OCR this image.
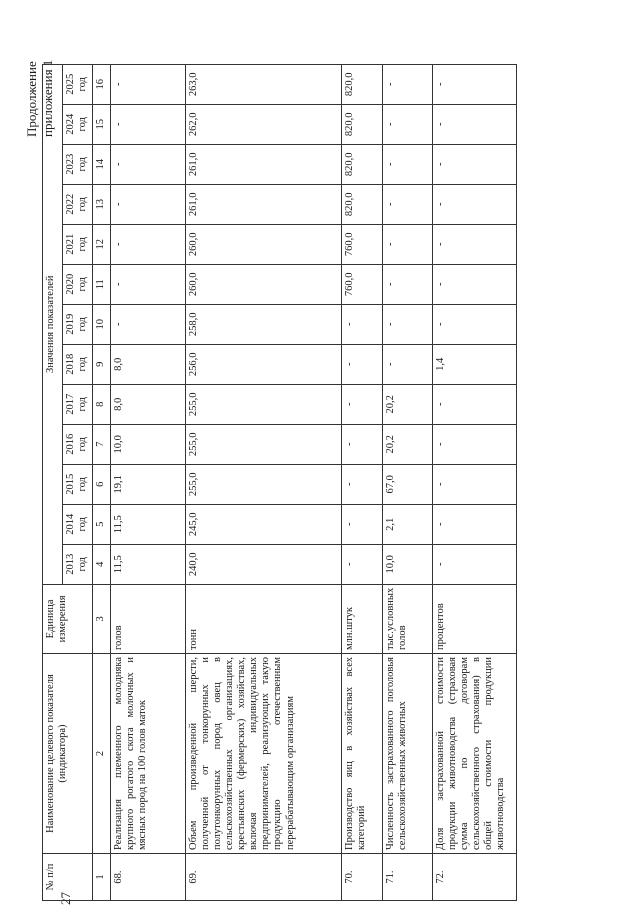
27
Продолжение приложения 1
№ п/п	Наименование целевого показателя (индикатора)	Единица измерения	Значения показателей												
			2013 год	2014 год	2015 год	2016 год	2017 год	2018 год	2019 год	2020 год	2021 год	2022 год	2023 год	2024 год	2025 год
1	2	3	4	5	6	7	8	9	10	11	12	13	14	15	16
68.	Реализация племенного молодняка крупного рогатого скота молочных и мясных пород на 100 голов маток	голов	11,5	11,5	19,1	10,0	8,0	8,0	-	-	-	-	-	-	-
69.	Объем произведенной шерсти, полученной от тонкорунных и полутонкорунных пород овец в сельскохозяйственных организациях, крестьянских (фермерских) хозяйствах, включая индивидуальных предпринимателей, реализующих такую продукцию отечественным перерабатывающим организациям	тонн	240,0	245,0	255,0	255,0	255,0	256,0	258,0	260,0	260,0	261,0	261,0	262,0	263,0
70.	Производство яиц в хозяйствах всех категорий	млн.штук	-	-	-	-	-	-	-	760,0	760,0	820,0	820,0	820,0	820,0
71.	Численность застрахованного поголовья сельскохозяйственных животных	тыс.условных голов	10,0	2,1	67,0	20,2	20,2	-	-	-	-	-	-	-	-
72.	Доля застрахованной стоимости продукции животноводства (страховая сумма по договорам сельскохозяйственного страхования) в общей стоимости продукции животноводства	процентов	-	-	-	-	-	1,4	-	-	-	-	-	-	-
